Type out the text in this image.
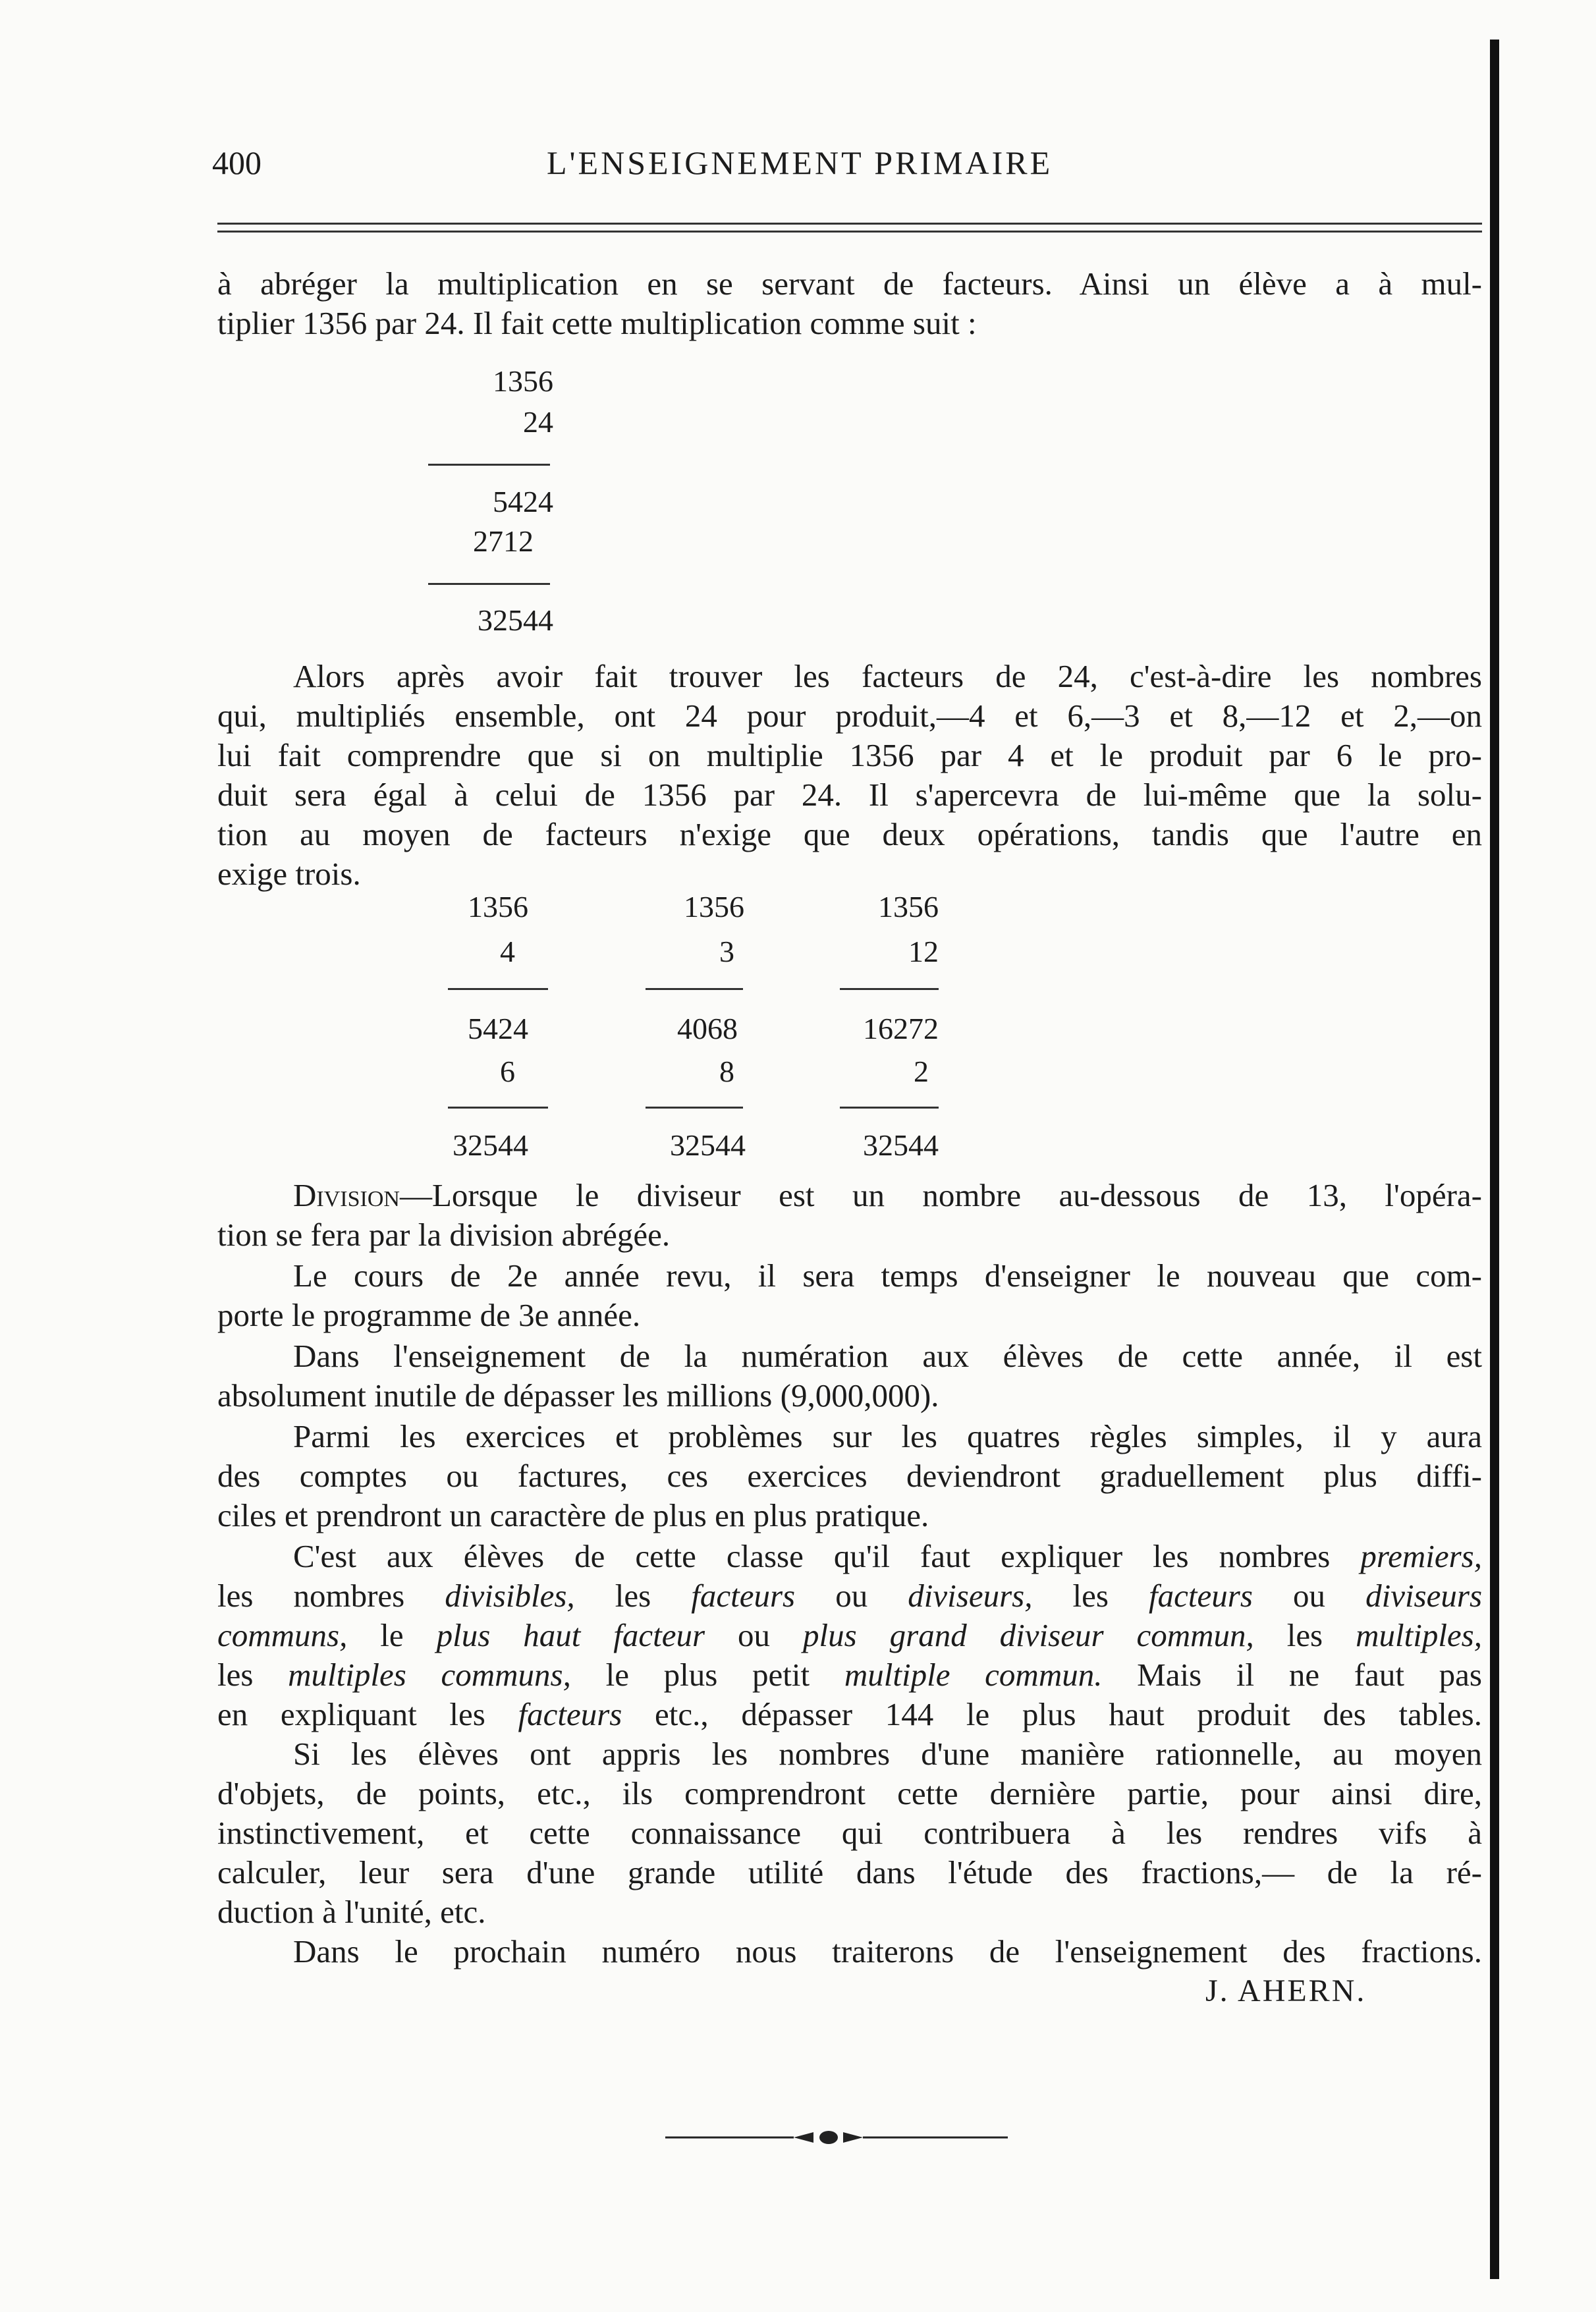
400	L'ENSEIGNEMENT PRIMAIRE
à abréger la multiplication en se servant de facteurs. Ainsi un élève a à mul-
tiplier 1356 par 24. Il fait cette multiplication comme suit :
1356
24
5424
2712
32544
Alors après avoir fait trouver les facteurs de 24, c'est-à-dire les nombres
qui, multipliés ensemble, ont 24 pour produit,—4 et 6,—3 et 8,—12 et 2,—on
lui fait comprendre que si on multiplie 1356 par 4 et le produit par 6 le pro-
duit sera égal à celui de 1356 par 24. Il s'apercevra de lui-même que la solu-
tion au moyen de facteurs n'exige que deux opérations, tandis que l'autre en
exige trois.
1356
4
5424
6
32544
1356
3
4068
8
32544
1356
12
16272
2
32544
Division—Lorsque le diviseur est un nombre au-dessous de 13, l'opéra-
tion se fera par la division abrégée.
Le cours de 2e année revu, il sera temps d'enseigner le nouveau que com-
porte le programme de 3e année.
Dans l'enseignement de la numération aux élèves de cette année, il est
absolument inutile de dépasser les millions (9,000,000).
Parmi les exercices et problèmes sur les quatres règles simples, il y aura
des comptes ou factures, ces exercices deviendront graduellement plus diffi-
ciles et prendront un caractère de plus en plus pratique.
C'est aux élèves de cette classe qu'il faut expliquer les nombres premiers,
les nombres divisibles, les facteurs ou diviseurs, les facteurs ou diviseurs
communs, le plus haut facteur ou plus grand diviseur commun, les multiples,
les multiples communs, le plus petit multiple commun. Mais il ne faut pas
en expliquant les facteurs etc., dépasser 144 le plus haut produit des tables.
Si les élèves ont appris les nombres d'une manière rationnelle, au moyen
d'objets, de points, etc., ils comprendront cette dernière partie, pour ainsi dire,
instinctivement, et cette connaissance qui contribuera à les rendres vifs à
calculer, leur sera d'une grande utilité dans l'étude des fractions,— de la ré-
duction à l'unité, etc.
Dans le prochain numéro nous traiterons de l'enseignement des fractions.
J. AHERN.
